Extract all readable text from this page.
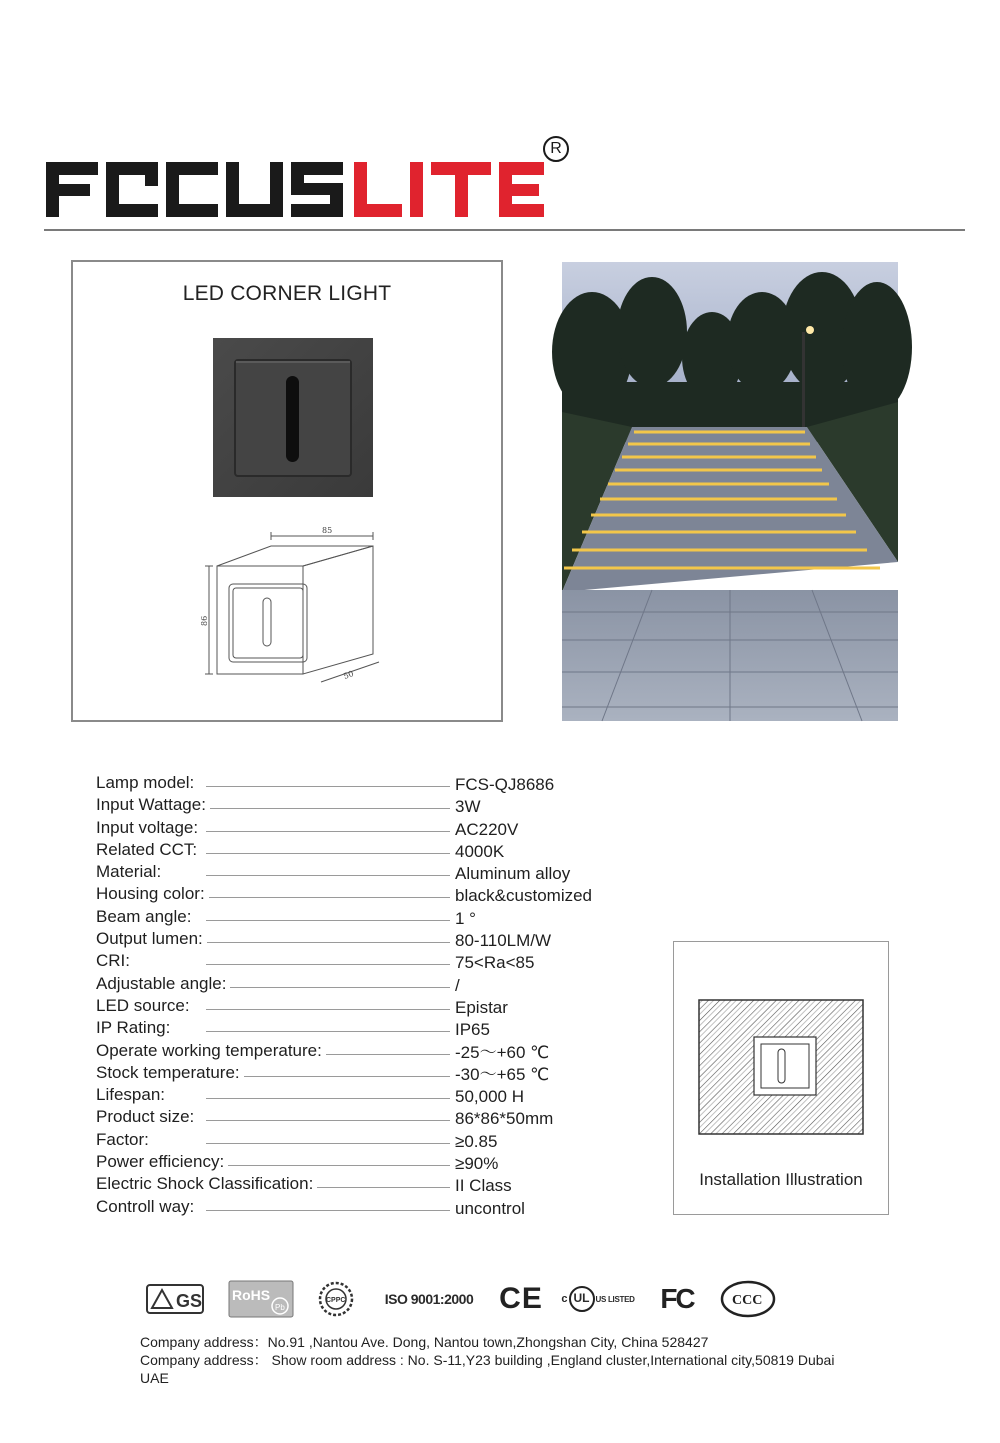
R
LED CORNER LIGHT
85
86
50
Lamp model:	FCS-QJ8686
Input Wattage:	3W
Input voltage:	AC220V
Related CCT:	4000K
Material:	Aluminum alloy
Housing color:	black&customized
Beam angle:	1 °
Output lumen:	80-110LM/W
CRI:	75<Ra<85
Adjustable angle:	/
LED source:	Epistar
IP Rating:	IP65
Operate working temperature:	-25～+60 ℃
Stock temperature:	-30～+65 ℃
Lifespan:	50,000 H
Product size:	86*86*50mm
Factor:	≥0.85
Power efficiency:	≥90%
Electric Shock Classification:	II Class
Controll way:	uncontrol
Installation Illustration
GS RoHS
Pb
CPPC	ISO 9001:2000 CE c UL US LISTED FC	CCC
Company address：No.91 ,Nantou Ave. Dong, Nantou town,Zhongshan City, China 528427
Company address： Show room address : No. S-11,Y23 building ,England cluster,International city,50819 Dubai
UAE
